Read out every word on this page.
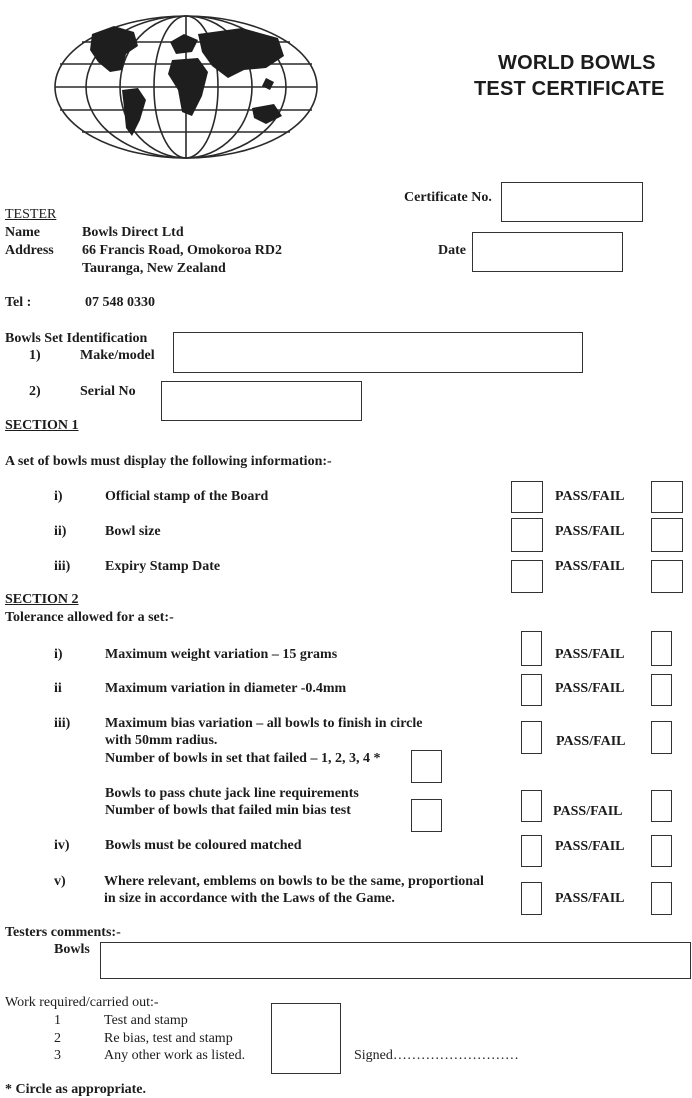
WORLD BOWLS
TEST CERTIFICATE
Certificate No.
Date
TESTER
Name	Bowls Direct Ltd
Address 66 Francis Road, Omokoroa RD2
Tauranga, New Zealand
Tel :	07 548 0330
Bowls Set Identification
1)	Make/model
2)	Serial No
SECTION 1
A set of bowls must display the following information:-
i)	Official stamp of the Board	PASS/FAIL
ii)	Bowl size	PASS/FAIL
iii) Expiry Stamp Date	PASS/FAIL
SECTION 2
Tolerance allowed for a set:-
i)	Maximum weight variation – 15 grams	PASS/FAIL
ii	Maximum variation in diameter -0.4mm	PASS/FAIL
iii) Maximum bias variation – all bowls to finish in circle
with 50mm radius.
Number of bowls in set that failed – 1, 2, 3, 4 *
PASS/FAIL
Bowls to pass chute jack line requirements
Number of bowls that failed min bias test	PASS/FAIL
iv)	Bowls must be coloured matched	PASS/FAIL
v)	Where relevant, emblems on bowls to be the same, proportional
in size in accordance with the Laws of the Game.	PASS/FAIL
Testers comments:-
Bowls
Work required/carried out:-
1	Test and stamp
2	Re bias, test and stamp
3	Any other work as listed.	Signed………………………
* Circle as appropriate.
